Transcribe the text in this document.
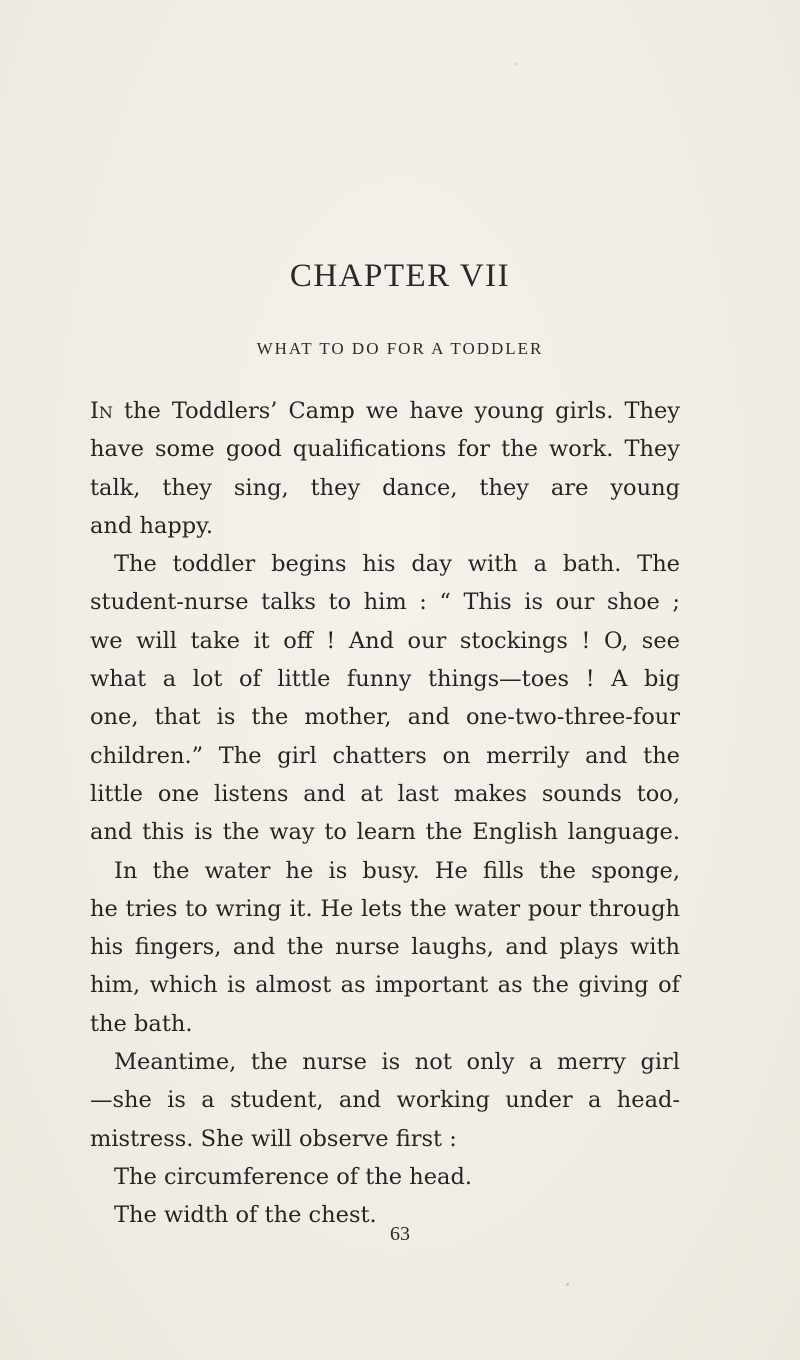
CHAPTER VII
WHAT TO DO FOR A TODDLER
In the Toddlers’ Camp we have young girls. They
have some good qualifications for the work. They
talk, they sing, they dance, they are young
and happy.
The toddler begins his day with a bath. The
student-nurse talks to him : “ This is our shoe ;
we will take it off ! And our stockings ! O, see
what a lot of little funny things—toes ! A big
one, that is the mother, and one-two-three-four
children.” The girl chatters on merrily and the
little one listens and at last makes sounds too,
and this is the way to learn the English language.
In the water he is busy. He fills the sponge,
he tries to wring it. He lets the water pour through
his fingers, and the nurse laughs, and plays with
him, which is almost as important as the giving of
the bath.
Meantime, the nurse is not only a merry girl
—she is a student, and working under a head-
mistress. She will observe first :
The circumference of the head.
The width of the chest.
63
